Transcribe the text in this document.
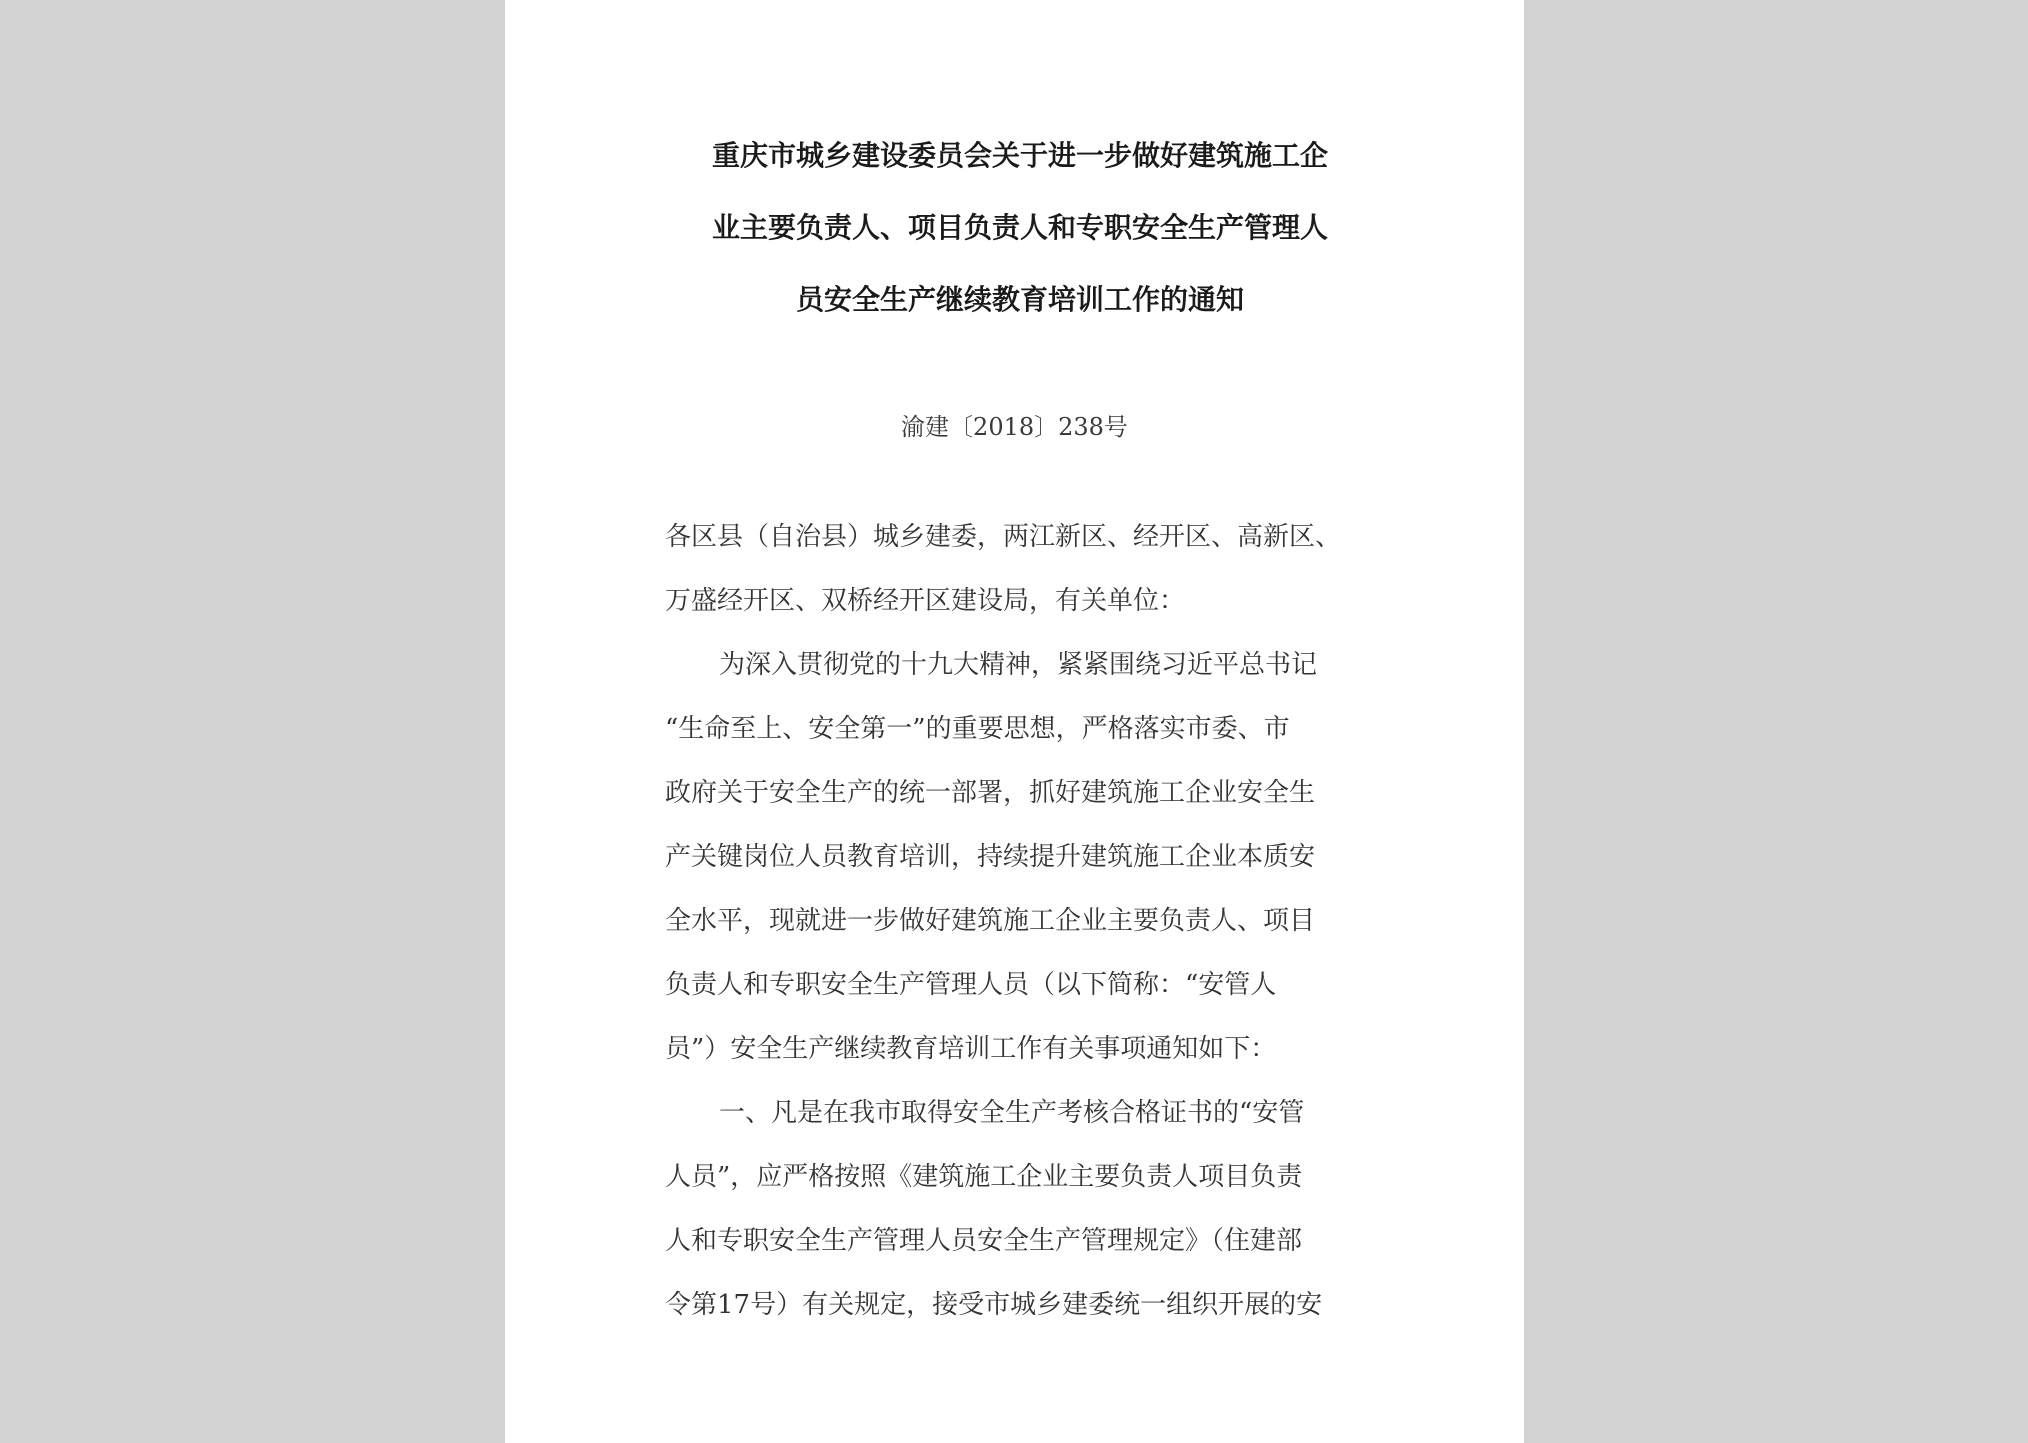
重庆市城乡建设委员会关于进一步做好建筑施工企
业主要负责人、项目负责人和专职安全生产管理人
员安全生产继续教育培训工作的通知
渝建〔2018〕238号
各区县（自治县）城乡建委，两江新区、经开区、高新区、
万盛经开区、双桥经开区建设局，有关单位：
为深入贯彻党的十九大精神，紧紧围绕习近平总书记
“生命至上、安全第一”的重要思想，严格落实市委、市
政府关于安全生产的统一部署，抓好建筑施工企业安全生
产关键岗位人员教育培训，持续提升建筑施工企业本质安
全水平，现就进一步做好建筑施工企业主要负责人、项目
负责人和专职安全生产管理人员（以下简称：“安管人
员”）安全生产继续教育培训工作有关事项通知如下：
一、凡是在我市取得安全生产考核合格证书的“安管
人员”，应严格按照《建筑施工企业主要负责人项目负责
人和专职安全生产管理人员安全生产管理规定》（住建部
令第17号）有关规定，接受市城乡建委统一组织开展的安
